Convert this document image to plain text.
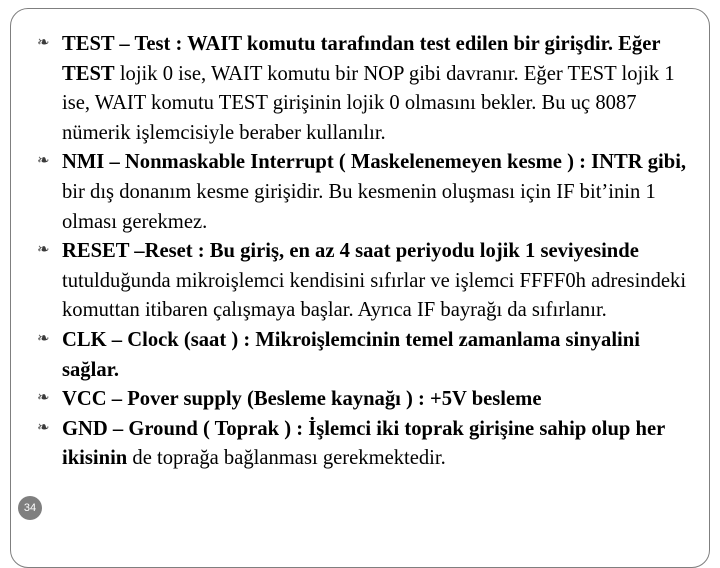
❧ TEST – Test : WAIT komutu tarafından test edilen bir girişdir. Eğer TEST lojik 0 ise, WAIT komutu bir NOP gibi davranır. Eğer TEST lojik 1 ise, WAIT komutu TEST girişinin lojik 0 olmasını bekler. Bu uç 8087 nümerik işlemcisiyle beraber kullanılır.

❧ NMI – Nonmaskable Interrupt ( Maskelenemeyen kesme ) : INTR gibi, bir dış donanım kesme girişidir. Bu kesmenin oluşması için IF bit’inin 1 olması gerekmez.

❧ RESET –Reset : Bu giriş, en az 4 saat periyodu lojik 1 seviyesinde tutulduğunda mikroişlemci kendisini sıfırlar ve işlemci FFFF0h adresindeki komuttan itibaren çalışmaya başlar. Ayrıca IF bayrağı da sıfırlanır.

❧ CLK – Clock (saat ) : Mikroişlemcinin temel zamanlama sinyalini sağlar.

❧ VCC – Pover supply (Besleme kaynağı ) : +5V besleme

❧ GND – Ground ( Toprak ) : İşlemci iki toprak girişine sahip olup her ikisinin de toprağa bağlanması gerekmektedir.

34
